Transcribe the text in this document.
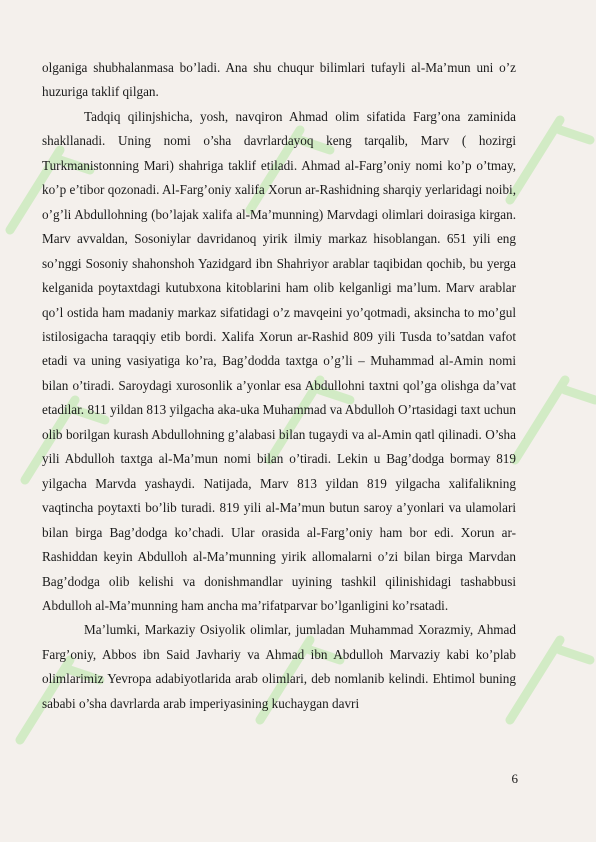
olganiga shubhalanmasa bo’ladi. Ana shu chuqur bilimlari tufayli al-Ma’mun uni o’z huzuriga taklif qilgan.

Tadqiq qilinjshicha, yosh, navqiron Ahmad olim sifatida Farg’ona zaminida shakllanadi. Uning nomi o’sha davrlardayoq keng tarqalib, Marv ( hozirgi Turkmanistonning Mari) shahriga taklif etiladi. Ahmad al-Farg’oniy nomi ko’p o’tmay, ko’p e’tibor qozonadi. Al-Farg’oniy xalifa Xorun ar-Rashidning sharqiy yerlaridagi noibi, o’g’li Abdullohning (bo’lajak xalifa al-Ma’munning) Marvdagi olimlari doirasiga kirgan. Marv avvaldan, Sosoniylar davridanoq yirik ilmiy markaz hisoblangan. 651 yili eng so’nggi Sosoniy shahonshoh Yazidgard ibn Shahriyor arablar taqibidan qochib, bu yerga kelganida poytaxtdagi kutubxona kitoblarini ham olib kelganligi ma’lum. Marv arablar qo’l ostida ham madaniy markaz sifatidagi o’z mavqeini yo’qotmadi, aksincha to mo’gul istilosigacha taraqqiy etib bordi. Xalifa Xorun ar-Rashid 809 yili Tusda to’satdan vafot etadi va uning vasiyatiga ko’ra, Bag’dodda taxtga o’g’li – Muhammad al-Amin nomi bilan o’tiradi. Saroydagi xurosonlik a’yonlar esa Abdullohni taxtni qol’ga olishga da’vat etadilar. 811 yildan 813 yilgacha aka-uka Muhammad va Abdulloh O’rtasidagi taxt uchun olib borilgan kurash Abdullohning g’alabasi bilan tugaydi va al-Amin qatl qilinadi. O’sha yili Abdulloh taxtga al-Ma’mun nomi bilan o’tiradi. Lekin u Bag’dodga bormay 819 yilgacha Marvda yashaydi. Natijada, Marv 813 yildan 819 yilgacha xalifalikning vaqtincha poytaxti bo’lib turadi. 819 yili al-Ma’mun butun saroy a’yonlari va ulamolari bilan birga Bag’dodga ko’chadi. Ular orasida al-Farg’oniy ham bor edi. Xorun ar-Rashiddan keyin Abdulloh al-Ma’munning yirik allomalarni o’zi bilan birga Marvdan Bag’dodga olib kelishi va donishmandlar uyining tashkil qilinishidagi tashabbusi Abdulloh al-Ma’munning ham ancha ma’rifatparvar bo’lganligini ko’rsatadi.

Ma’lumki, Markaziy Osiyolik olimlar, jumladan Muhammad Xorazmiy, Ahmad Farg’oniy, Abbos ibn Said Javhariy va Ahmad ibn Abdulloh Marvaziy kabi ko’plab olimlarimiz Yevropa adabiyotlarida arab olimlari, deb nomlanib kelindi. Ehtimol buning sababi o’sha davrlarda arab imperiyasining kuchaygan davri

6
